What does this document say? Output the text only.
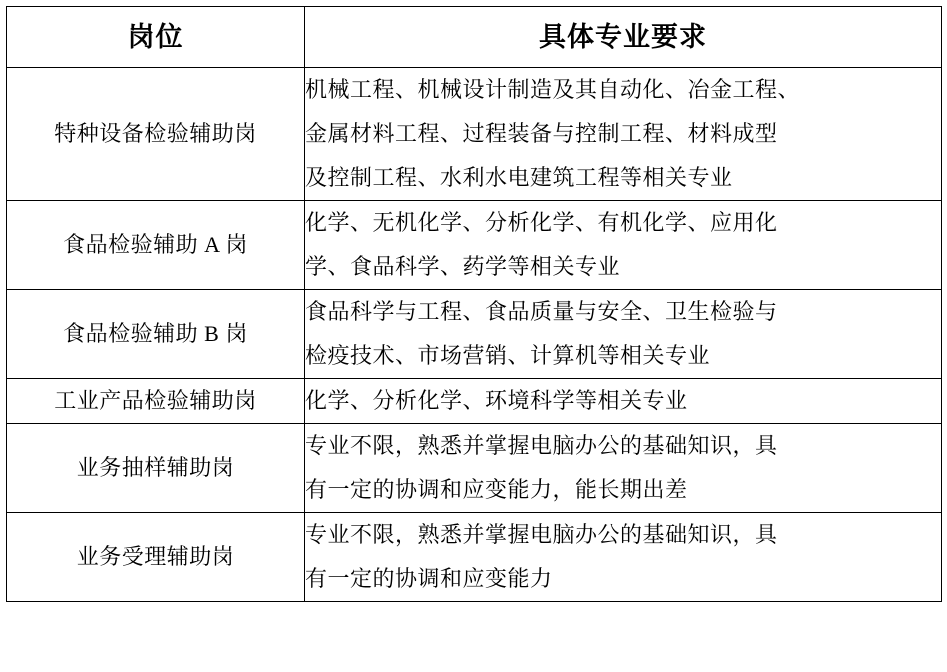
岗位	具体专业要求
特种设备检验辅助岗	机械工程、机械设计制造及其自动化、冶金工程、
金属材料工程、过程装备与控制工程、材料成型
及控制工程、水利水电建筑工程等相关专业

食品检验辅助 A 岗	化学、无机化学、分析化学、有机化学、应用化
学、食品科学、药学等相关专业

食品检验辅助 B 岗	食品科学与工程、食品质量与安全、卫生检验与
检疫技术、市场营销、计算机等相关专业

工业产品检验辅助岗	化学、分析化学、环境科学等相关专业

业务抽样辅助岗	专业不限，熟悉并掌握电脑办公的基础知识，具
有一定的协调和应变能力，能长期出差

业务受理辅助岗	专业不限，熟悉并掌握电脑办公的基础知识，具
有一定的协调和应变能力
